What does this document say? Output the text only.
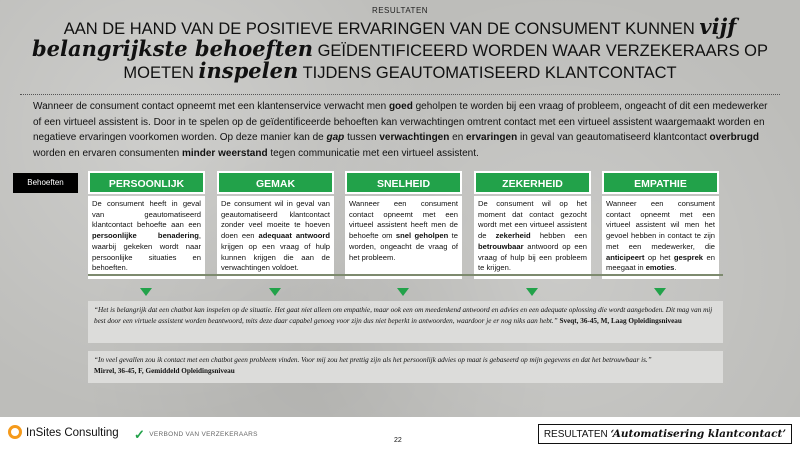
RESULTATEN
AAN DE HAND VAN DE POSITIEVE ERVARINGEN VAN DE CONSUMENT KUNNEN vijf belangrijkste behoeften GEÏDENTIFICEERD WORDEN WAAR VERZEKERAARS OP MOETEN inspelen TIJDENS GEAUTOMATISEERD KLANTCONTACT
Wanneer de consument contact opneemt met een klantenservice verwacht men goed geholpen te worden bij een vraag of probleem, ongeacht of dit een medewerker of een virtueel assistent is. Door in te spelen op de geïdentificeerde behoeften kan verwachtingen omtrent contact met een virtueel assistent waargemaakt worden en negatieve ervaringen voorkomen worden. Op deze manier kan de gap tussen verwachtingen en ervaringen in geval van geautomatiseerd klantcontact overbrugd worden en ervaren consumenten minder weerstand tegen communicatie met een virtueel assistent.
Behoeften	PERSOONLIJK
De consument heeft in geval van geautomatiseerd klantcontact behoefte aan een persoonlijke benadering, waarbij gekeken wordt naar persoonlijke situaties en behoeften.
GEMAK
De consument wil in geval van geautomatiseerd klantcontact zonder veel moeite te hoeven doen een adequaat antwoord krijgen op een vraag of hulp kunnen krijgen die aan de verwachtingen voldoet.
SNELHEID
Wanneer een consument contact opneemt met een virtueel assistent heeft men de behoefte om snel geholpen te worden, ongeacht de vraag of het probleem.
ZEKERHEID
De consument wil op het moment dat contact gezocht wordt met een virtueel assistent de zekerheid hebben een betrouwbaar antwoord op een vraag of hulp bij een probleem te krijgen.
EMPATHIE
Wanneer een consument contact opneemt met een virtueel assistent wil men het gevoel hebben in contact te zijn met een medewerker, die anticipeert op het gesprek en meegaat in emoties.
“Het is belangrijk dat een chatbot kan inspelen op de situatie. Het gaat niet alleen om empathie, maar ook een om meedenkend antwoord en advies en een adequate oplossing die wordt aangeboden. Dit mag van mij best door een virtuele assistent worden beantwoord, mits deze daar capabel genoeg voor zijn dus niet beperkt in antwoorden, waardoor je er nog niks aan hebt.” Sveqt, 36-45, M, Laag Opleidingsniveau
“In veel gevallen zou ik contact met een chatbot geen probleem vinden. Voor mij zou het prettig zijn als het persoonlijk advies op maat is gebaseerd op mijn gegevens en dat het betrouwbaar is.”
Mirrel, 36-45, F, Gemiddeld Opleidingsniveau
InSites Consulting ✓ VERBOND VAN VERZEKERAARS
22
RESULTATEN ‘Automatisering klantcontact’
